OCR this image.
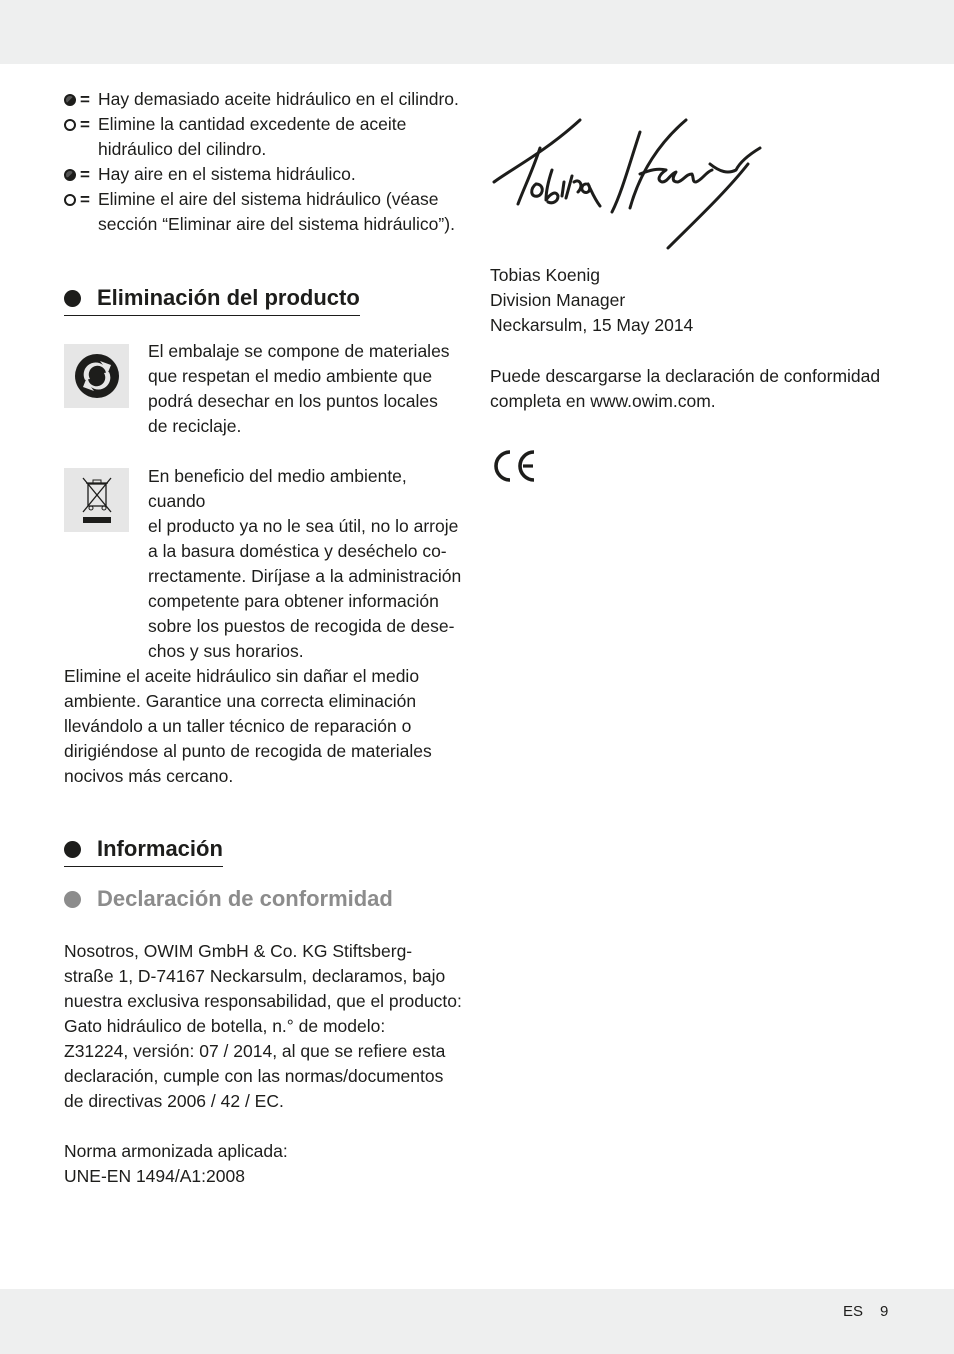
= Hay demasiado aceite hidráulico en el cilindro.
= Elimine la cantidad excedente de aceite
hidráulico del cilindro.
= Hay aire en el sistema hidráulico.
= Elimine el aire del sistema hidráulico (véase
sección “Eliminar aire del sistema hidráulico”).
Eliminación del producto
El embalaje se compone de materiales
que respetan el medio ambiente que
podrá desechar en los puntos locales
de reciclaje.
En beneficio del medio ambiente, cuando
el producto ya no le sea útil, no lo arroje
a la basura doméstica y deséchelo co-
rrectamente. Diríjase a la administración
competente para obtener información
sobre los puestos de recogida de dese-
chos y sus horarios.
Elimine el aceite hidráulico sin dañar el medio
ambiente. Garantice una correcta eliminación
llevándolo a un taller técnico de reparación o
dirigiéndose al punto de recogida de materiales
nocivos más cercano.
Información
Declaración de conformidad
Nosotros, OWIM GmbH & Co. KG Stiftsberg-
straße 1, D-74167 Neckarsulm, declaramos, bajo
nuestra exclusiva responsabilidad, que el producto:
Gato hidráulico de botella, n.° de modelo:
Z31224, versión: 07 / 2014, al que se refiere esta
declaración, cumple con las normas/documentos
de directivas 2006 / 42 / EC.
Norma armonizada aplicada:
UNE-EN 1494/A1:2008
Tobias Koenig
Division Manager
Neckarsulm, 15 May 2014
Puede descargarse la declaración de conformidad
completa en www.owim.com.
ES 9
